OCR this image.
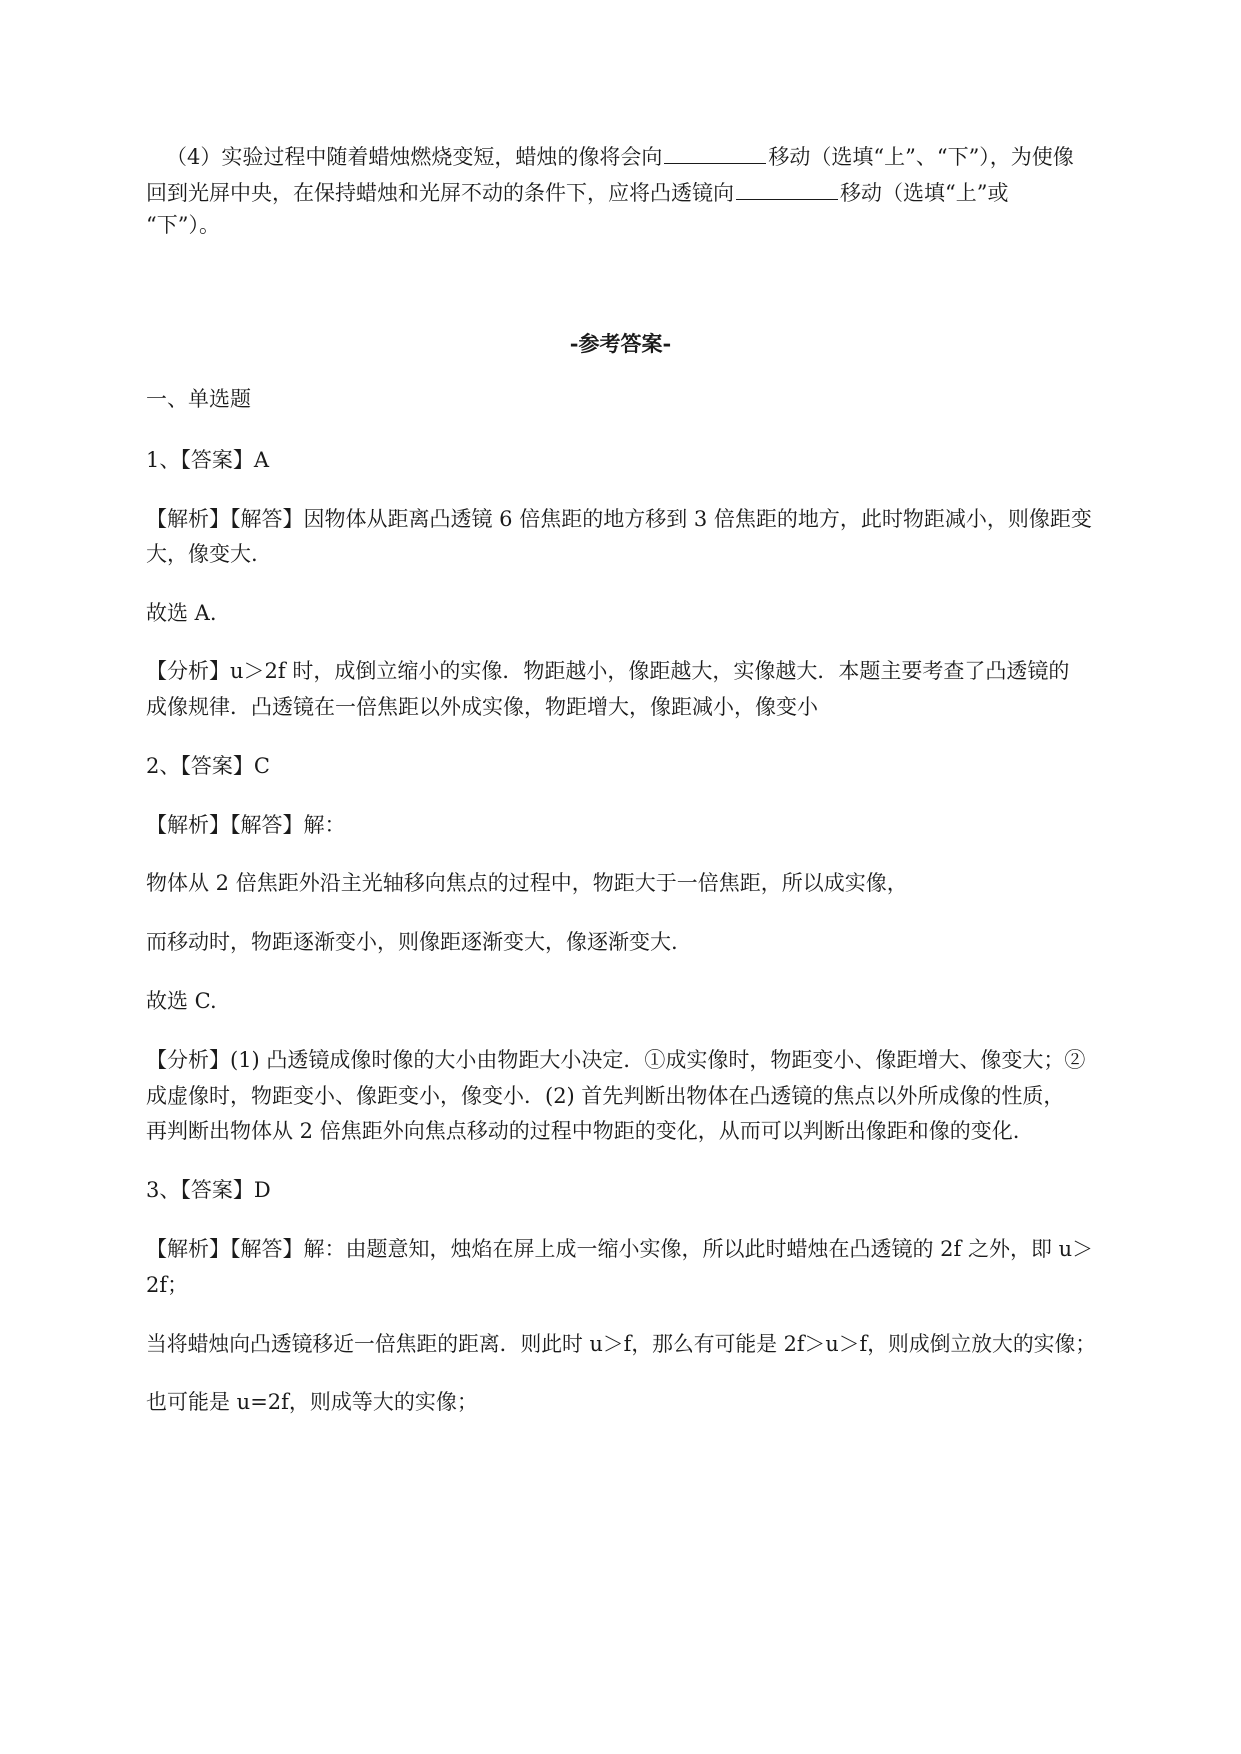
（4）实验过程中随着蜡烛燃烧变短，蜡烛的像将会向	移动（选填“上”、“下”），为使像
回到光屏中央，在保持蜡烛和光屏不动的条件下，应将凸透镜向	移动（选填“上”或
“下”）。
-参考答案-
一、单选题
1、【答案】A
【解析】【解答】因物体从距离凸透镜 6 倍焦距的地方移到 3 倍焦距的地方，此时物距减小，则像距变
大，像变大.
故选 A.
【分析】u＞2f 时，成倒立缩小的实像．物距越小，像距越大，实像越大．本题主要考查了凸透镜的
成像规律．凸透镜在一倍焦距以外成实像，物距增大，像距减小，像变小
2、【答案】C
【解析】【解答】解：
物体从 2 倍焦距外沿主光轴移向焦点的过程中，物距大于一倍焦距，所以成实像，
而移动时，物距逐渐变小，则像距逐渐变大，像逐渐变大.
故选 C.
【分析】(1) 凸透镜成像时像的大小由物距大小决定．①成实像时，物距变小、像距增大、像变大；②
成虚像时，物距变小、像距变小，像变小．(2) 首先判断出物体在凸透镜的焦点以外所成像的性质，
再判断出物体从 2 倍焦距外向焦点移动的过程中物距的变化，从而可以判断出像距和像的变化.
3、【答案】D
【解析】【解答】解：由题意知，烛焰在屏上成一缩小实像，所以此时蜡烛在凸透镜的 2f 之外，即 u＞
2f；
当将蜡烛向凸透镜移近一倍焦距的距离．则此时 u＞f，那么有可能是 2f＞u＞f，则成倒立放大的实像；
也可能是 u=2f，则成等大的实像；
